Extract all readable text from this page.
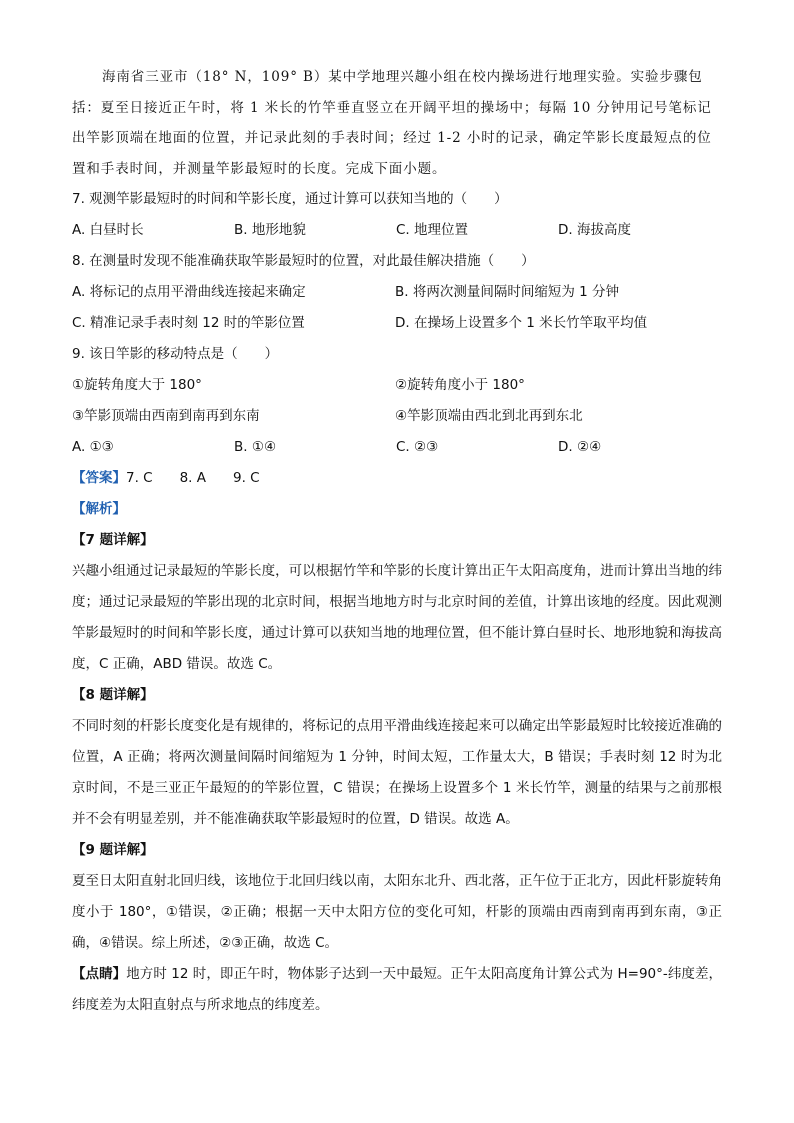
海南省三亚市（18° N，109° B）某中学地理兴趣小组在校内操场进行地理实验。实验步骤包括：夏至日接近正午时，将 1 米长的竹竿垂直竖立在开阔平坦的操场中；每隔 10 分钟用记号笔标记出竿影顶端在地面的位置，并记录此刻的手表时间；经过 1-2 小时的记录，确定竿影长度最短点的位置和手表时间，并测量竿影最短时的长度。完成下面小题。

7. 观测竿影最短时的时间和竿影长度，通过计算可以获知当地的（　　）

A. 白昼时长	B. 地形地貌	C. 地理位置	D. 海拔高度

8. 在测量时发现不能准确获取竿影最短时的位置，对此最佳解决措施（　　）

A. 将标记的点用平滑曲线连接起来确定	B. 将两次测量间隔时间缩短为 1 分钟
C. 精准记录手表时刻 12 时的竿影位置	D. 在操场上设置多个 1 米长竹竿取平均值

9. 该日竿影的移动特点是（　　）

①旋转角度大于 180°	②旋转角度小于 180°
③竿影顶端由西南到南再到东南	④竿影顶端由西北到北再到东北
A. ①③	B. ①④	C. ②③	D. ②④

【答案】7. C　　8. A　　9. C

【解析】

【7 题详解】

兴趣小组通过记录最短的竿影长度，可以根据竹竿和竿影的长度计算出正午太阳高度角，进而计算出当地的纬度；通过记录最短的竿影出现的北京时间，根据当地地方时与北京时间的差值，计算出该地的经度。因此观测竿影最短时的时间和竿影长度，通过计算可以获知当地的地理位置，但不能计算白昼时长、地形地貌和海拔高度，C 正确，ABD 错误。故选 C。

【8 题详解】

不同时刻的杆影长度变化是有规律的，将标记的点用平滑曲线连接起来可以确定出竿影最短时比较接近准确的位置，A 正确；将两次测量间隔时间缩短为 1 分钟，时间太短，工作量太大，B 错误；手表时刻 12 时为北京时间，不是三亚正午最短的的竿影位置，C 错误；在操场上设置多个 1 米长竹竿，测量的结果与之前那根并不会有明显差别，并不能准确获取竿影最短时的位置，D 错误。故选 A。

【9 题详解】

夏至日太阳直射北回归线，该地位于北回归线以南，太阳东北升、西北落，正午位于正北方，因此杆影旋转角度小于 180°，①错误，②正确；根据一天中太阳方位的变化可知，杆影的顶端由西南到南再到东南，③正确，④错误。综上所述，②③正确，故选 C。

【点睛】地方时 12 时，即正午时，物体影子达到一天中最短。正午太阳高度角计算公式为 H=90°-纬度差，纬度差为太阳直射点与所求地点的纬度差。
